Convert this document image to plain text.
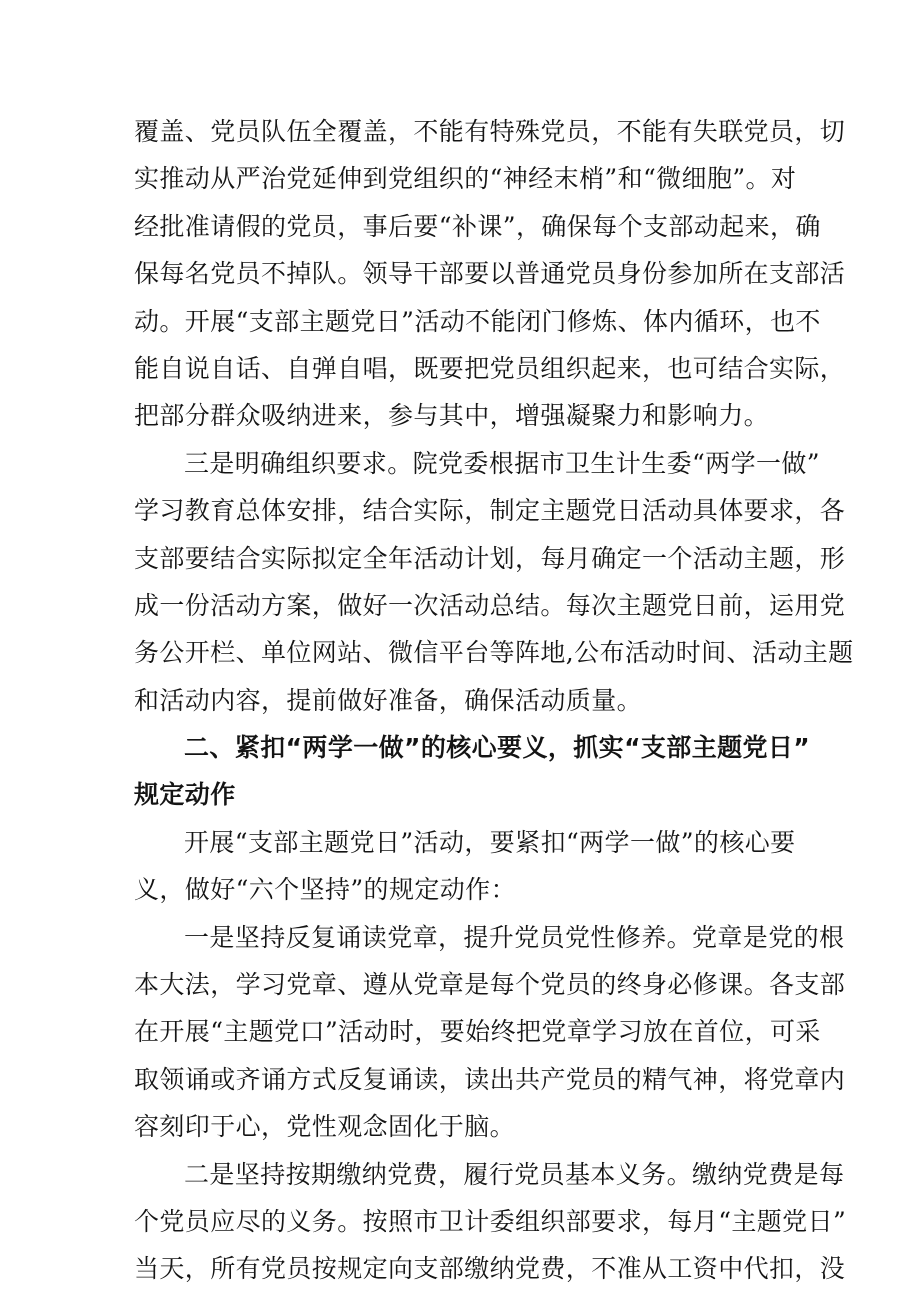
覆盖、党员队伍全覆盖，不能有特殊党员，不能有失联党员，切
实推动从严治党延伸到党组织的“神经末梢”和“微细胞”。对
经批准请假的党员，事后要“补课”，确保每个支部动起来，确
保每名党员不掉队。领导干部要以普通党员身份参加所在支部活
动。开展“支部主题党日”活动不能闭门修炼、体内循环，也不
能自说自话、自弹自唱，既要把党员组织起来，也可结合实际，
把部分群众吸纳进来，参与其中，增强凝聚力和影响力。
三是明确组织要求。院党委根据市卫生计生委“两学一做”
学习教育总体安排，结合实际，制定主题党日活动具体要求，各
支部要结合实际拟定全年活动计划，每月确定一个活动主题，形
成一份活动方案，做好一次活动总结。每次主题党日前，运用党
务公开栏、单位网站、微信平台等阵地,公布活动时间、活动主题
和活动内容，提前做好准备，确保活动质量。
二、紧扣“两学一做”的核心要义，抓实“支部主题党日”
规定动作
开展“支部主题党日”活动，要紧扣“两学一做”的核心要
义，做好“六个坚持”的规定动作：
一是坚持反复诵读党章，提升党员党性修养。党章是党的根
本大法，学习党章、遵从党章是每个党员的终身必修课。各支部
在开展“主题党口”活动时，要始终把党章学习放在首位，可采
取领诵或齐诵方式反复诵读，读出共产党员的精气神，将党章内
容刻印于心，党性观念固化于脑。
二是坚持按期缴纳党费，履行党员基本义务。缴纳党费是每
个党员应尽的义务。按照市卫计委组织部要求，每月“主题党日”
当天，所有党员按规定向支部缴纳党费，不准从工资中代扣，没
